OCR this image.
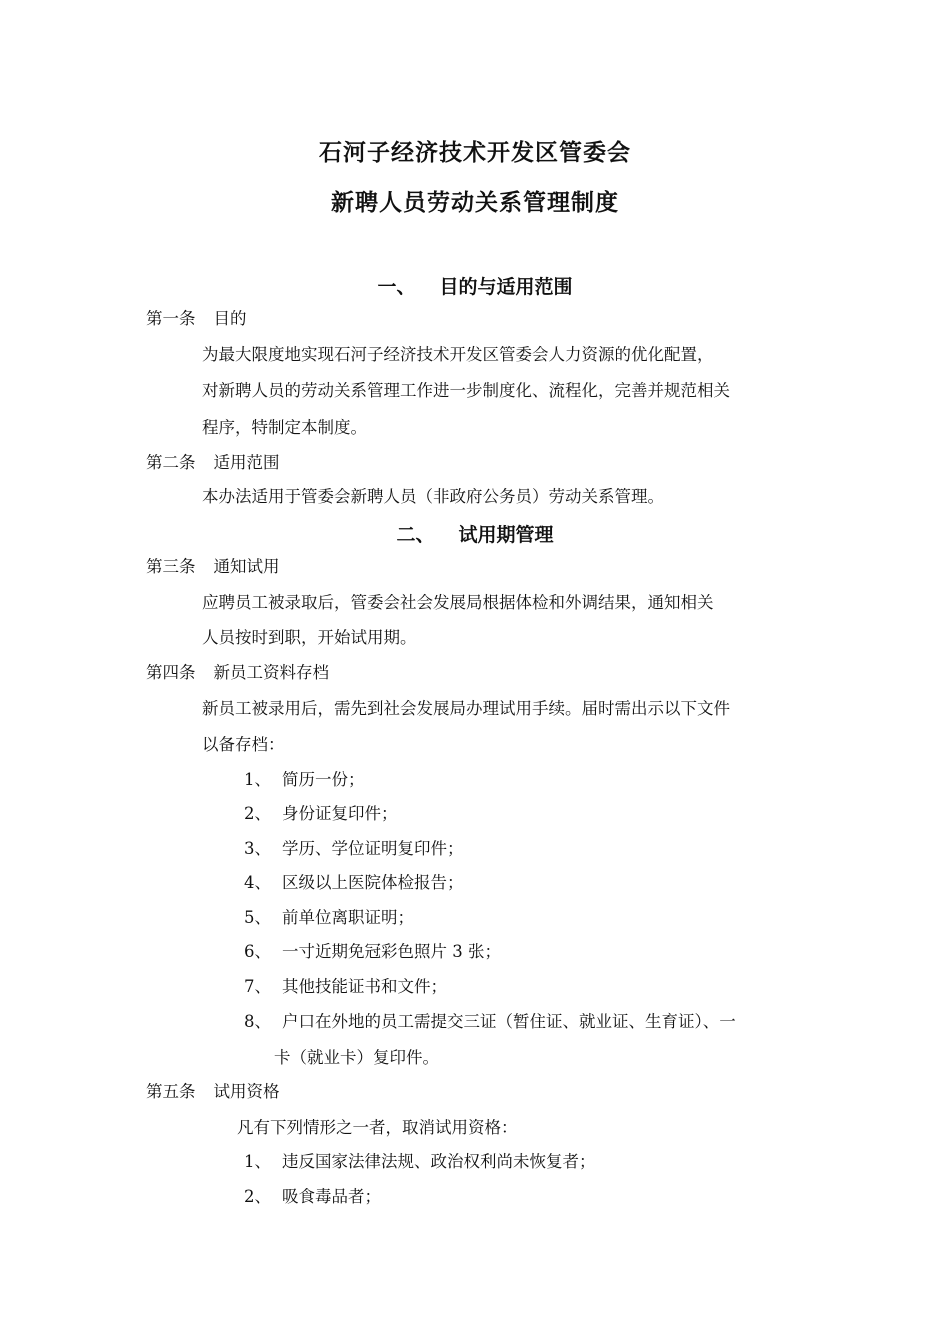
石河子经济技术开发区管委会
新聘人员劳动关系管理制度
一、 目的与适用范围
第一条 目的
为最大限度地实现石河子经济技术开发区管委会人力资源的优化配置，
对新聘人员的劳动关系管理工作进一步制度化、流程化，完善并规范相关
程序，特制定本制度。
第二条 适用范围
本办法适用于管委会新聘人员（非政府公务员）劳动关系管理。
二、 试用期管理
第三条 通知试用
应聘员工被录取后，管委会社会发展局根据体检和外调结果，通知相关
人员按时到职，开始试用期。
第四条 新员工资料存档
新员工被录用后，需先到社会发展局办理试用手续。届时需出示以下文件
以备存档：
1、 简历一份；
2、 身份证复印件；
3、 学历、学位证明复印件；
4、 区级以上医院体检报告；
5、 前单位离职证明；
6、 一寸近期免冠彩色照片 3 张；
7、 其他技能证书和文件；
8、 户口在外地的员工需提交三证（暂住证、就业证、生育证）、一
卡（就业卡）复印件。
第五条 试用资格
凡有下列情形之一者，取消试用资格：
1、 违反国家法律法规、政治权利尚未恢复者；
2、 吸食毒品者；
